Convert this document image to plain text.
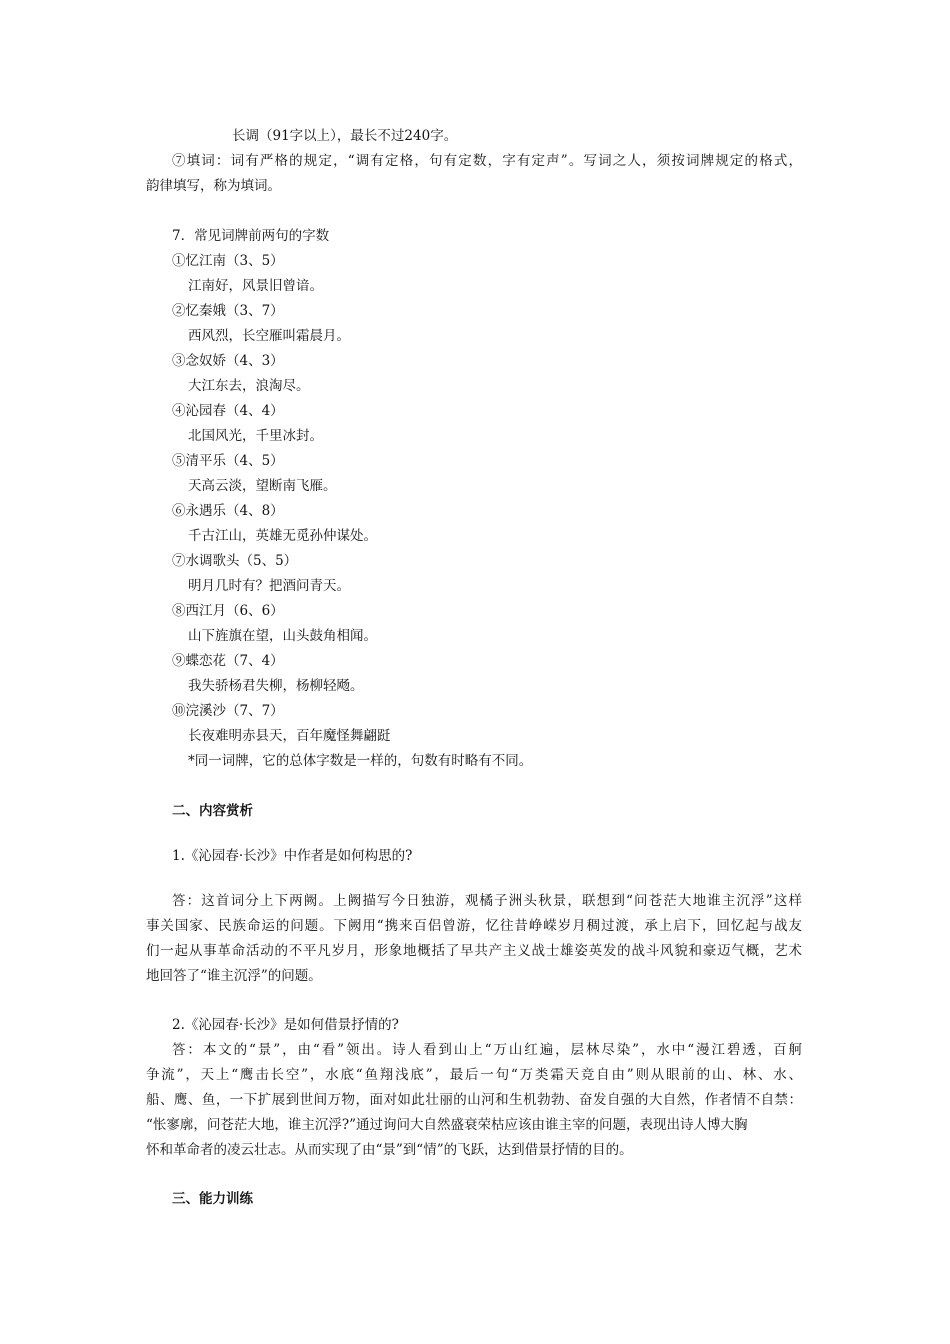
长调（91字以上），最长不过240字。
⑦填词：词有严格的规定，“调有定格，句有定数，字有定声”。写词之人，须按词牌规定的格式，
韵律填写，称为填词。
7．常见词牌前两句的字数
①忆江南（3、5）
江南好，风景旧曾谙。
②忆秦娥（3、7）
西风烈，长空雁叫霜晨月。
③念奴娇（4、3）
大江东去，浪淘尽。
④沁园春（4、4）
北国风光，千里冰封。
⑤清平乐（4、5）
天高云淡，望断南飞雁。
⑥永遇乐（4、8）
千古江山，英雄无觅孙仲谋处。
⑦水调歌头（5、5）
明月几时有？把酒问青天。
⑧西江月（6、6）
山下旌旗在望，山头鼓角相闻。
⑨蝶恋花（7、4）
我失骄杨君失柳，杨柳轻飏。
⑩浣溪沙（7、7）
长夜难明赤县天，百年魔怪舞翩跹
*同一词牌，它的总体字数是一样的，句数有时略有不同。
二、内容赏析
1.《沁园春·长沙》中作者是如何构思的?
答：这首词分上下两阙。上阙描写今日独游，观橘子洲头秋景，联想到“问苍茫大地谁主沉浮”这样
事关国家、民族命运的问题。下阙用“携来百侣曾游，忆往昔峥嵘岁月稠过渡，承上启下，回忆起与战友
们一起从事革命活动的不平凡岁月，形象地概括了早共产主义战士雄姿英发的战斗风貌和豪迈气概，艺术
地回答了“谁主沉浮”的问题。
2.《沁园春·长沙》是如何借景抒情的?
答：本文的“景”，由“看”领出。诗人看到山上“万山红遍，层林尽染”，水中“漫江碧透，百舸
争流”，天上“鹰击长空”，水底“鱼翔浅底”，最后一句“万类霜天竞自由”则从眼前的山、林、水、
船、鹰、鱼，一下扩展到世间万物，面对如此壮丽的山河和生机勃勃、奋发自强的大自然，作者情不自禁：
“怅寥廓，问苍茫大地，谁主沉浮?”通过询问大自然盛衰荣枯应该由谁主宰的问题，表现出诗人博大胸
怀和革命者的凌云壮志。从而实现了由“景”到“情”的飞跃，达到借景抒情的目的。
三、能力训练
